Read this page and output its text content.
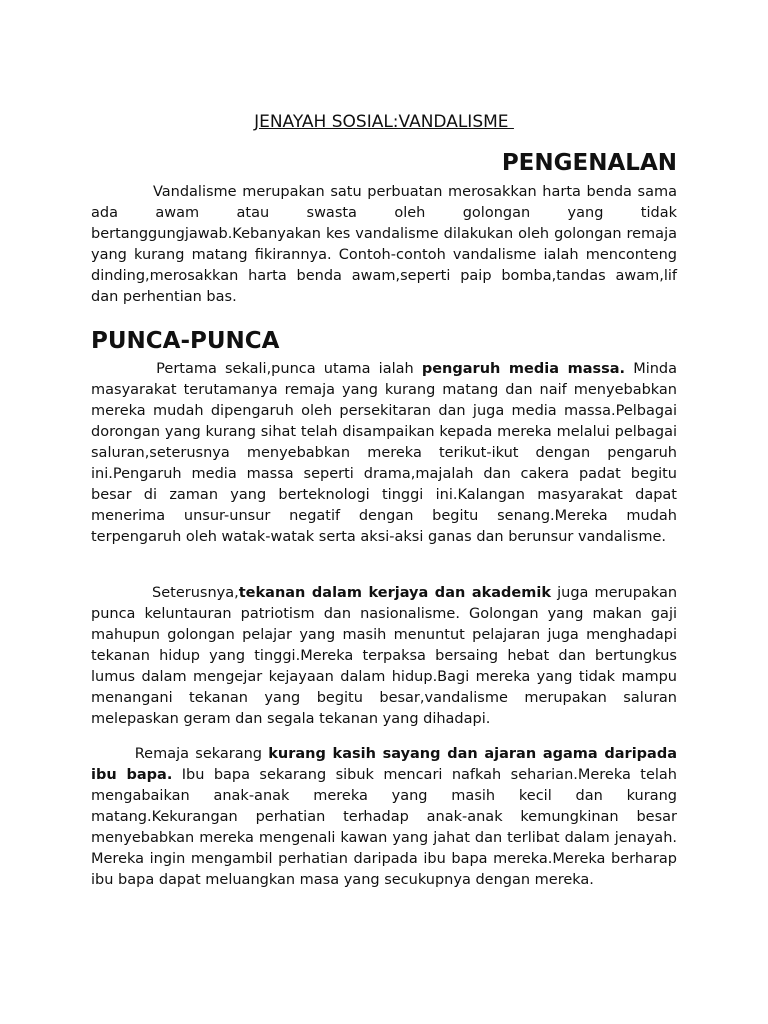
JENAYAH SOSIAL:VANDALISME
PENGENALAN

Vandalisme merupakan satu perbuatan merosakkan harta benda sama ada awam atau swasta oleh golongan yang tidak bertanggungjawab.Kebanyakan kes vandalisme dilakukan oleh golongan remaja yang kurang matang fikirannya. Contoh-contoh vandalisme ialah menconteng dinding,merosakkan harta benda awam,seperti paip bomba,tandas awam,lif dan perhentian bas.

PUNCA-PUNCA

Pertama sekali,punca utama ialah pengaruh media massa. Minda masyarakat terutamanya remaja yang kurang matang dan naif menyebabkan mereka mudah dipengaruh oleh persekitaran dan juga media massa.Pelbagai dorongan yang kurang sihat telah disampaikan kepada mereka melalui pelbagai saluran,seterusnya menyebabkan mereka terikut-ikut dengan pengaruh ini.Pengaruh media massa seperti drama,majalah dan cakera padat begitu besar di zaman yang berteknologi tinggi ini.Kalangan masyarakat dapat menerima unsur-unsur negatif dengan begitu senang.Mereka mudah terpengaruh oleh watak-watak serta aksi-aksi ganas dan berunsur vandalisme.

Seterusnya,tekanan dalam kerjaya dan akademik juga merupakan punca keluntauran patriotism dan nasionalisme. Golongan yang makan gaji mahupun golongan pelajar yang masih menuntut pelajaran juga menghadapi tekanan hidup yang tinggi.Mereka terpaksa bersaing hebat dan bertungkus lumus dalam mengejar kejayaan dalam hidup.Bagi mereka yang tidak mampu menangani tekanan yang begitu besar,vandalisme merupakan saluran melepaskan geram dan segala tekanan yang dihadapi.

Remaja sekarang kurang kasih sayang dan ajaran agama daripada ibu bapa. Ibu bapa sekarang sibuk mencari nafkah seharian.Mereka telah mengabaikan anak-anak mereka yang masih kecil dan kurang matang.Kekurangan perhatian terhadap anak-anak kemungkinan besar menyebabkan mereka mengenali kawan yang jahat dan terlibat dalam jenayah. Mereka ingin mengambil perhatian daripada ibu bapa mereka.Mereka berharap ibu bapa dapat meluangkan masa yang secukupnya dengan mereka.
